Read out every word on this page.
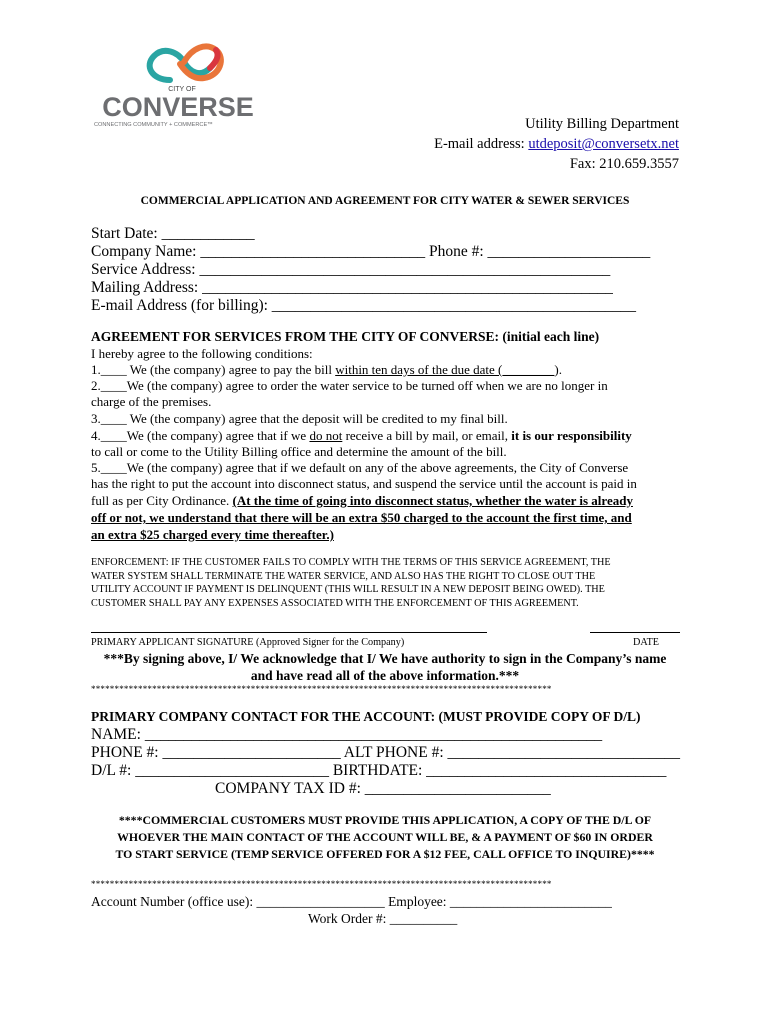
CITY OF
CONVERSE
CONNECTING COMMUNITY + COMMERCE™	Utility Billing Department
E-mail address: utdeposit@conversetx.net
Fax: 210.659.3557
COMMERCIAL APPLICATION AND AGREEMENT FOR CITY WATER & SEWER SERVICES
Start Date: ____________
Company Name: _____________________________ Phone #: _____________________
Service Address: _____________________________________________________
Mailing Address: _____________________________________________________
E-mail Address (for billing): _______________________________________________
AGREEMENT FOR SERVICES FROM THE CITY OF CONVERSE: (initial each line)
I hereby agree to the following conditions:
1.____ We (the company) agree to pay the bill within ten days of the due date (________).
2.____We (the company) agree to order the water service to be turned off when we are no longer in
charge of the premises.
3.____ We (the company) agree that the deposit will be credited to my final bill.
4.____We (the company) agree that if we do not receive a bill by mail, or email, it is our responsibility
to call or come to the Utility Billing office and determine the amount of the bill.
5.____We (the company) agree that if we default on any of the above agreements, the City of Converse
has the right to put the account into disconnect status, and suspend the service until the account is paid in
full as per City Ordinance. (At the time of going into disconnect status, whether the water is already
off or not, we understand that there will be an extra $50 charged to the account the first time, and
an extra $25 charged every time thereafter.)
ENFORCEMENT: IF THE CUSTOMER FAILS TO COMPLY WITH THE TERMS OF THIS SERVICE AGREEMENT, THE
WATER SYSTEM SHALL TERMINATE THE WATER SERVICE, AND ALSO HAS THE RIGHT TO CLOSE OUT THE
UTILITY ACCOUNT IF PAYMENT IS DELINQUENT (THIS WILL RESULT IN A NEW DEPOSIT BEING OWED). THE
CUSTOMER SHALL PAY ANY EXPENSES ASSOCIATED WITH THE ENFORCEMENT OF THIS AGREEMENT.
PRIMARY APPLICANT SIGNATURE (Approved Signer for the Company)	DATE
***By signing above, I/ We acknowledge that I/ We have authority to sign in the Company’s name
and have read all of the above information.***
**************************************************************************************************
PRIMARY COMPANY CONTACT FOR THE ACCOUNT: (MUST PROVIDE COPY OF D/L)
NAME: ___________________________________________________________
PHONE #: _______________________ ALT PHONE #: ______________________________
D/L #: _________________________ BIRTHDATE: _______________________________
COMPANY TAX ID #: ________________________
****COMMERCIAL CUSTOMERS MUST PROVIDE THIS APPLICATION, A COPY OF THE D/L OF
WHOEVER THE MAIN CONTACT OF THE ACCOUNT WILL BE, & A PAYMENT OF $60 IN ORDER
TO START SERVICE (TEMP SERVICE OFFERED FOR A $12 FEE, CALL OFFICE TO INQUIRE)****
**************************************************************************************************
Account Number (office use): ___________________ Employee: ________________________
Work Order #: __________
